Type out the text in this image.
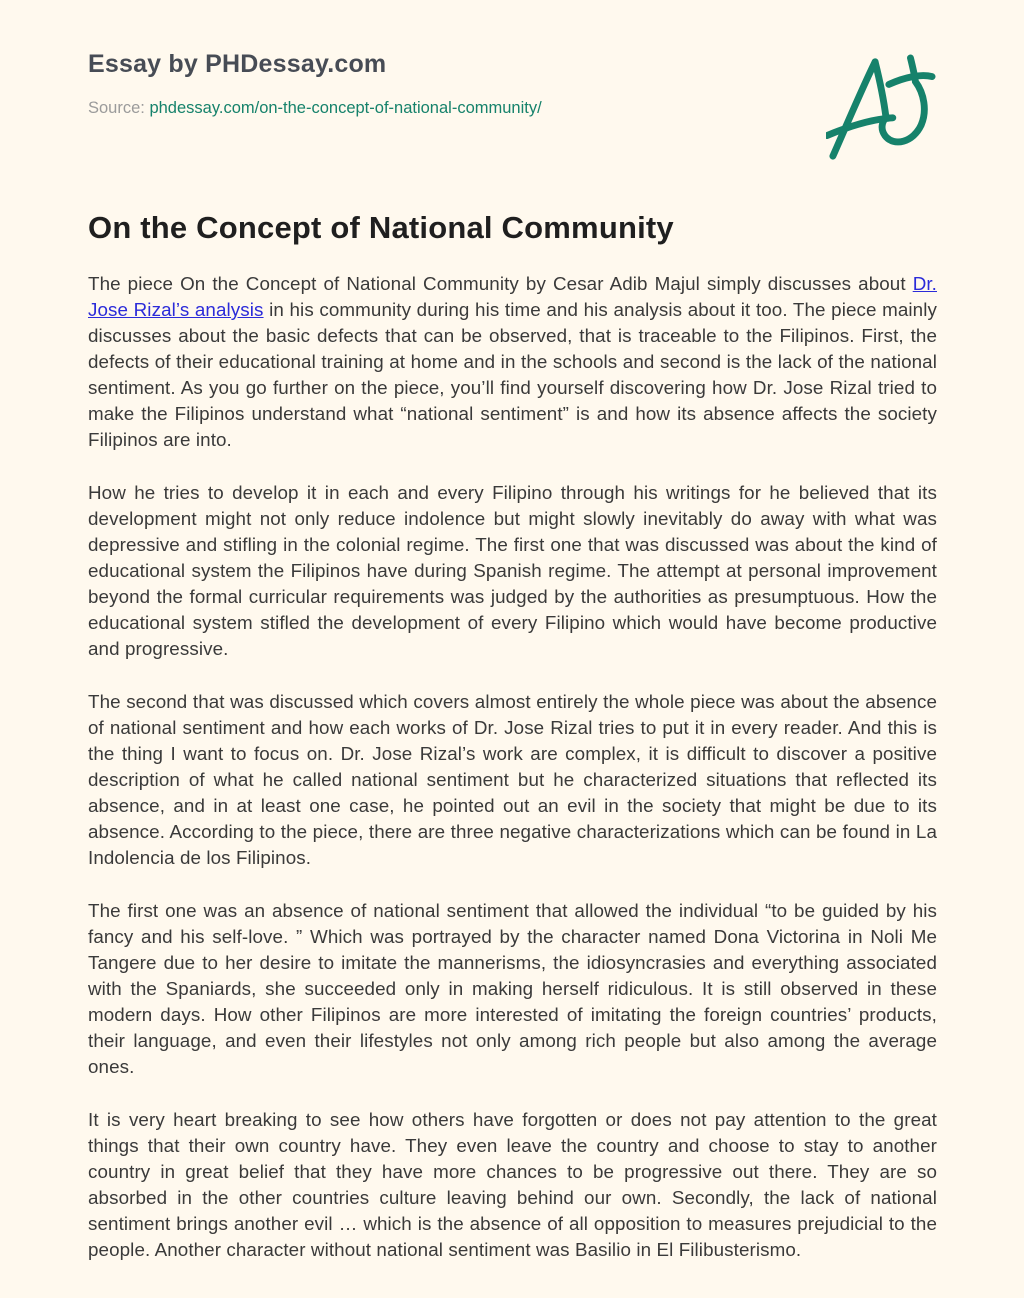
Essay by PHDessay.com
Source: phdessay.com/on-the-concept-of-national-community/
On the Concept of National Community

The piece On the Concept of National Community by Cesar Adib Majul simply discusses about Dr. Jose Rizal’s analysis in his community during his time and his analysis about it too. The piece mainly discusses about the basic defects that can be observed, that is traceable to the Filipinos. First, the defects of their educational training at home and in the schools and second is the lack of the national sentiment. As you go further on the piece, you’ll find yourself discovering how Dr. Jose Rizal tried to make the Filipinos understand what “national sentiment” is and how its absence affects the society Filipinos are into.

How he tries to develop it in each and every Filipino through his writings for he believed that its development might not only reduce indolence but might slowly inevitably do away with what was depressive and stifling in the colonial regime. The first one that was discussed was about the kind of educational system the Filipinos have during Spanish regime. The attempt at personal improvement beyond the formal curricular requirements was judged by the authorities as presumptuous. How the educational system stifled the development of every Filipino which would have become productive and progressive.

The second that was discussed which covers almost entirely the whole piece was about the absence of national sentiment and how each works of Dr. Jose Rizal tries to put it in every reader. And this is the thing I want to focus on. Dr. Jose Rizal’s work are complex, it is difficult to discover a positive description of what he called national sentiment but he characterized situations that reflected its absence, and in at least one case, he pointed out an evil in the society that might be due to its absence. According to the piece, there are three negative characterizations which can be found in La Indolencia de los Filipinos.

The first one was an absence of national sentiment that allowed the individual “to be guided by his fancy and his self-love. ” Which was portrayed by the character named Dona Victorina in Noli Me Tangere due to her desire to imitate the mannerisms, the idiosyncrasies and everything associated with the Spaniards, she succeeded only in making herself ridiculous. It is still observed in these modern days. How other Filipinos are more interested of imitating the foreign countries’ products, their language, and even their lifestyles not only among rich people but also among the average ones.

It is very heart breaking to see how others have forgotten or does not pay attention to the great things that their own country have. They even leave the country and choose to stay to another country in great belief that they have more chances to be progressive out there. They are so absorbed in the other countries culture leaving behind our own. Secondly, the lack of national sentiment brings another evil … which is the absence of all opposition to measures prejudicial to the people. Another character without national sentiment was Basilio in El Filibusterismo.
